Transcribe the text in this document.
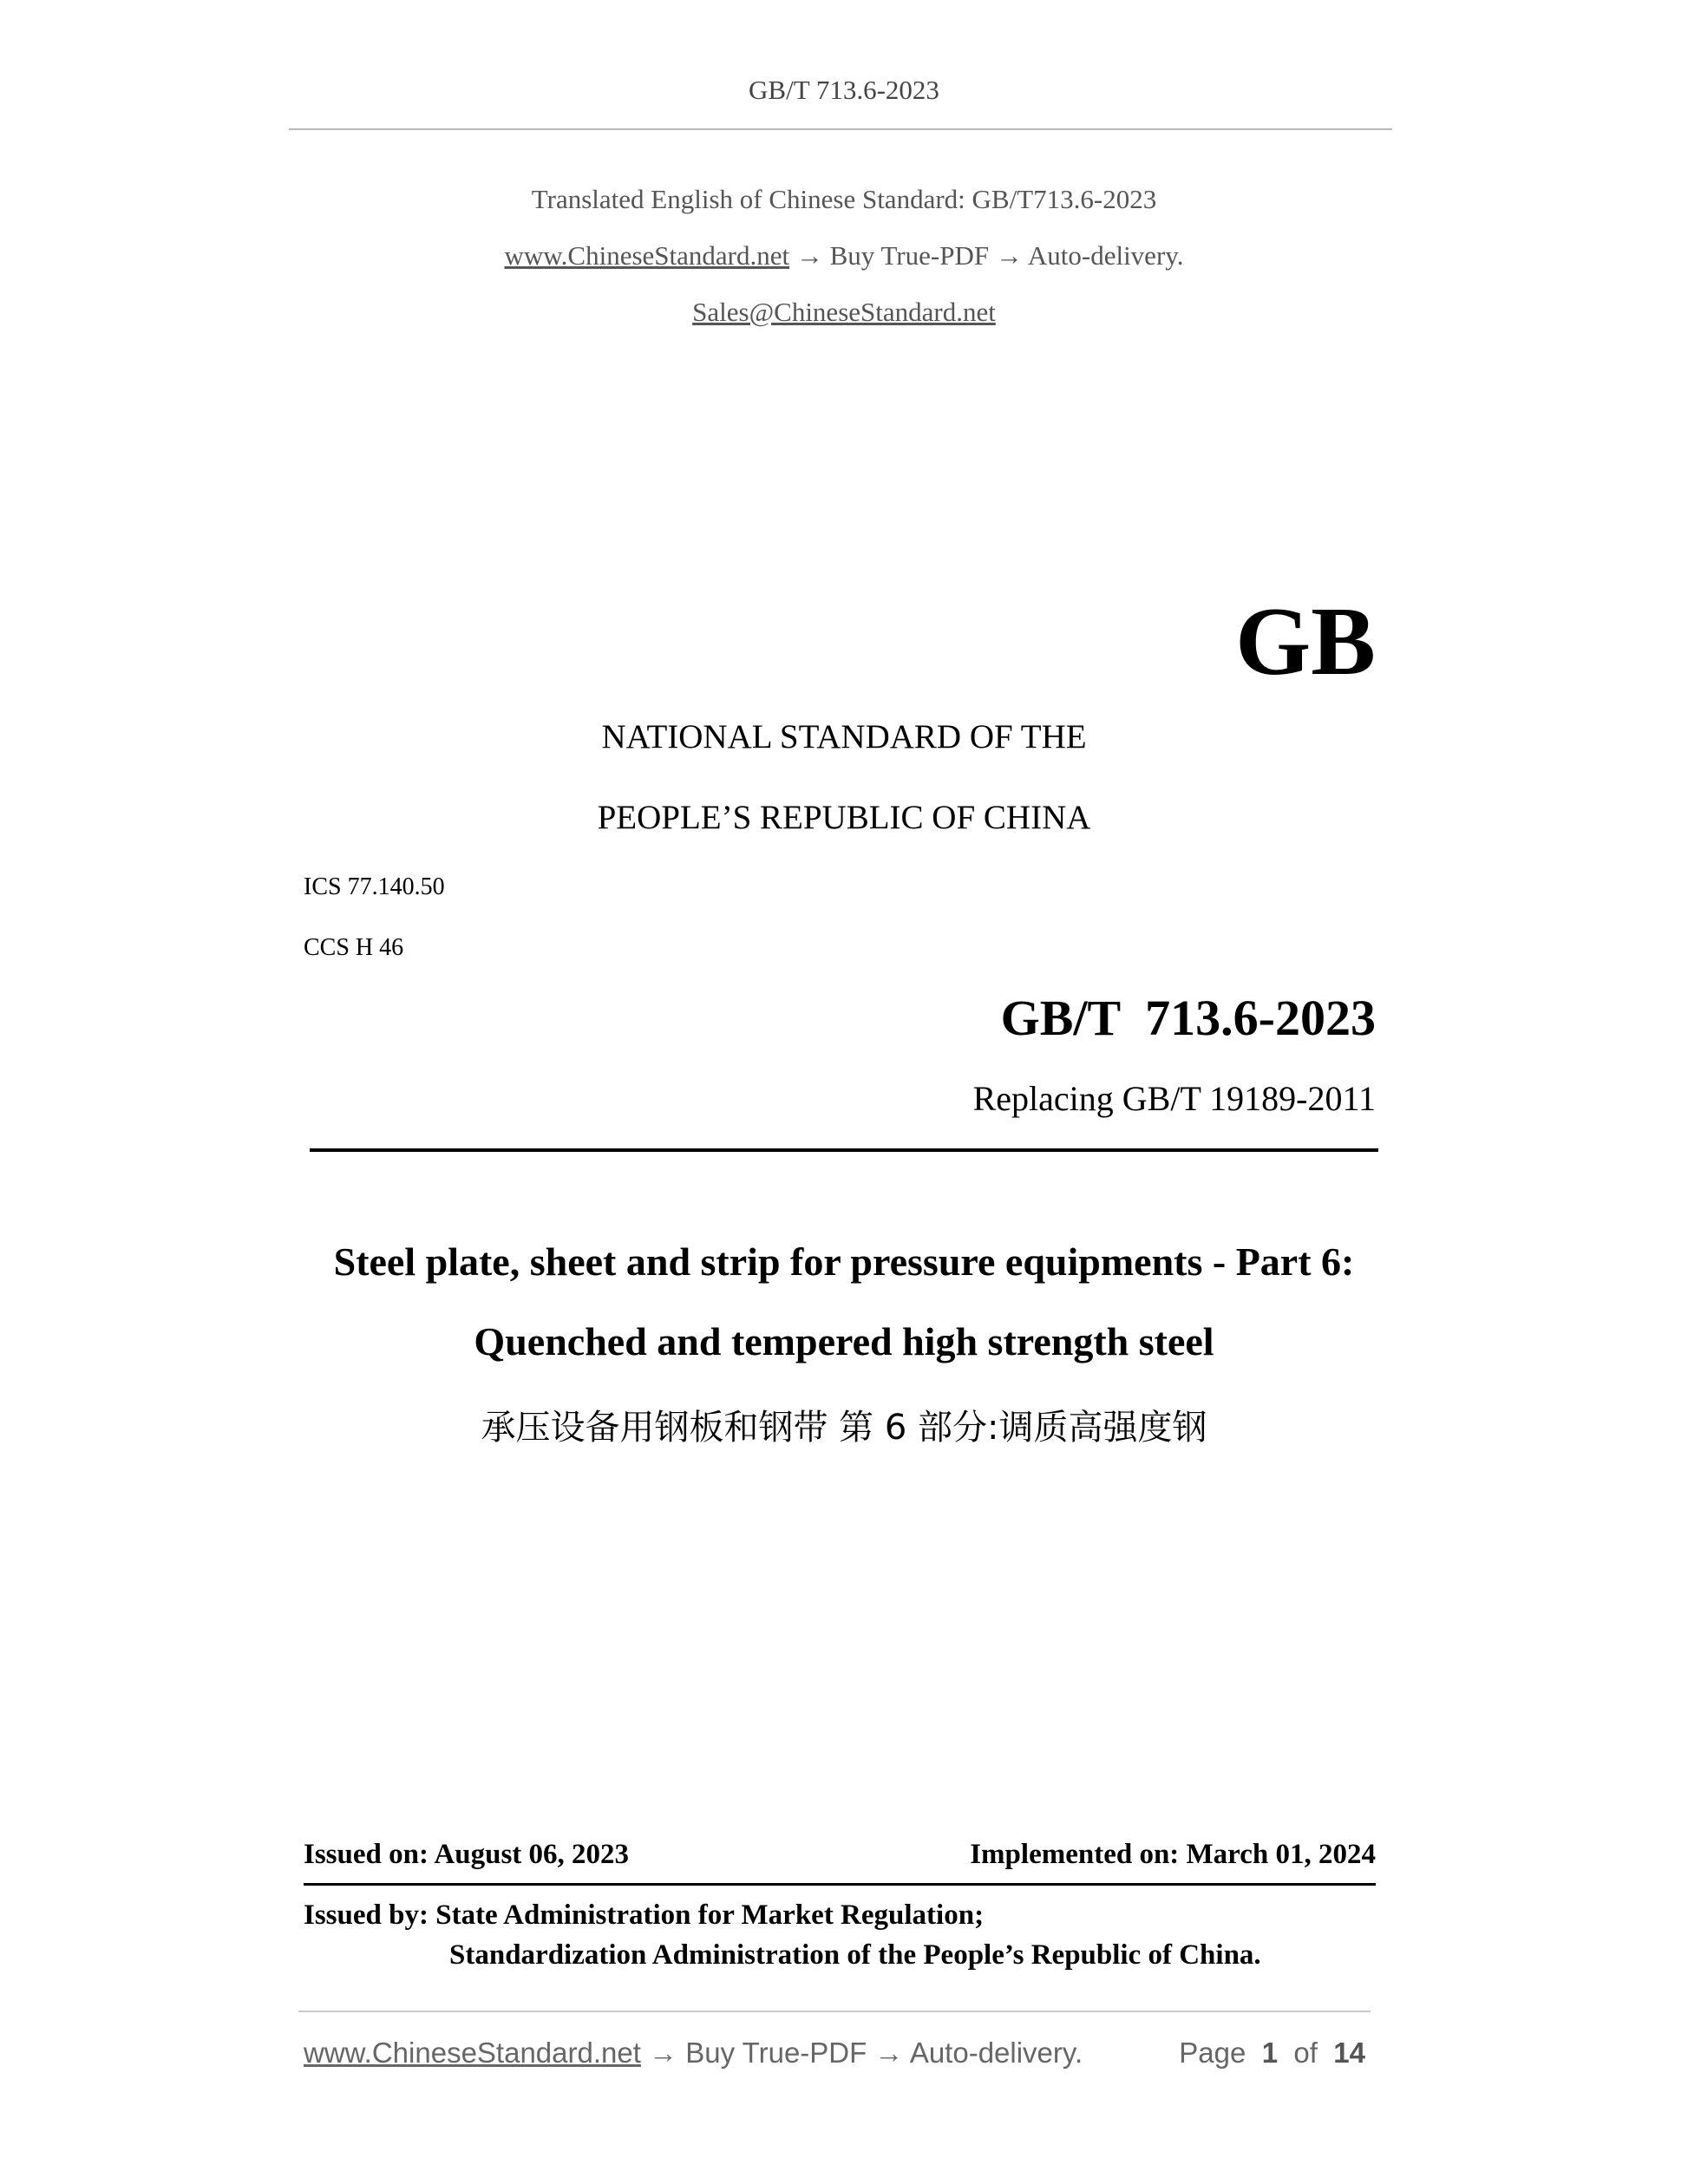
GB/T 713.6-2023
Translated English of Chinese Standard: GB/T713.6-2023
www.ChineseStandard.net → Buy True-PDF → Auto-delivery.
Sales@ChineseStandard.net
GB
NATIONAL STANDARD OF THE
PEOPLE’S REPUBLIC OF CHINA
ICS 77.140.50
CCS H 46
GB/T  713.6-2023
Replacing GB/T 19189-2011
Steel plate, sheet and strip for pressure equipments - Part 6:
Quenched and tempered high strength steel
承压设备用钢板和钢带 第 6 部分:调质高强度钢
Issued on: August 06, 2023	Implemented on: March 01, 2024
Issued by: State Administration for Market Regulation;
Standardization Administration of the People’s Republic of China.
www.ChineseStandard.net → Buy True-PDF → Auto-delivery.	Page 1 of 14
